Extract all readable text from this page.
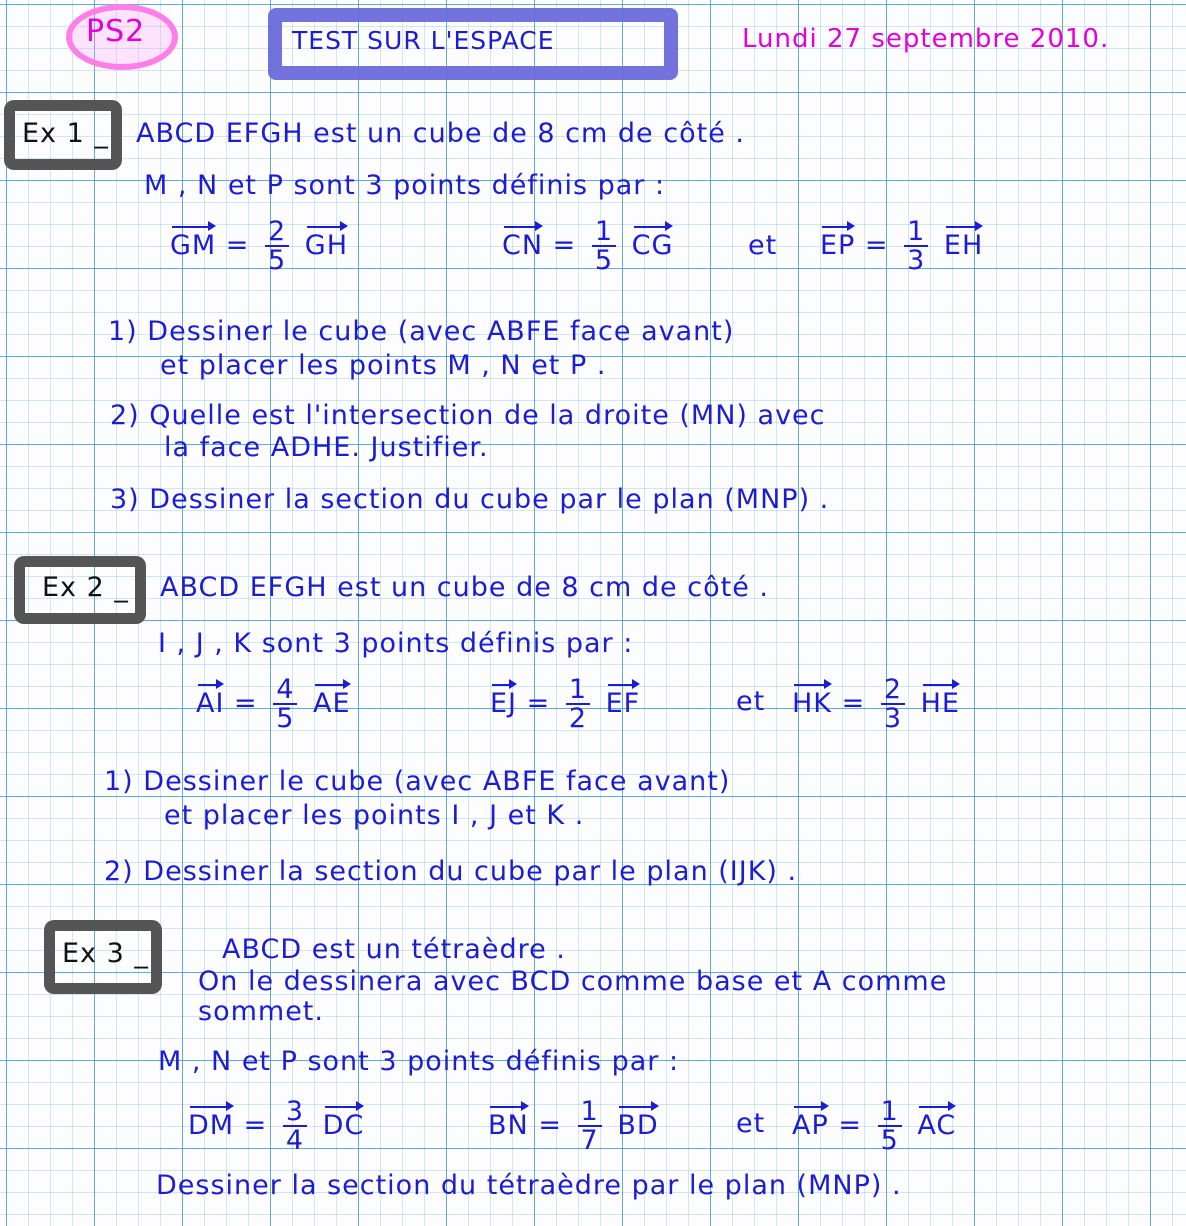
PS2	TEST SUR L'ESPACE	Lundi 27 septembre 2010.
Ex 1 _ ABCD EFGH est un cube de 8 cm de côté .
M , N et P sont 3 points définis par :
GM = $\frac{2}{5}$ GH	CN = $\frac{1}{5}$ CG	et EP = $\frac{1}{3}$ EH
1) Dessiner le cube (avec ABFE face avant)
et placer les points M , N et P .
2) Quelle est l'intersection de la droite (MN) avec
la face ADHE. Justifier.
3) Dessiner la section du cube par le plan (MNP) .
Ex 2 _ ABCD EFGH est un cube de 8 cm de côté .
I , J , K sont 3 points définis par :
AI = $\frac{4}{5}$ AE	EJ = $\frac{1}{2}$ EF	et HK = $\frac{2}{3}$ HE
1) Dessiner le cube (avec ABFE face avant)
et placer les points I , J et K .
2) Dessiner la section du cube par le plan (IJK) .
Ex 3 _	ABCD est un tétraèdre .
On le dessinera avec BCD comme base et A comme
sommet.
M , N et P sont 3 points définis par :
DM = $\frac{3}{4}$ DC	BN = $\frac{1}{7}$ BD	et AP = $\frac{1}{5}$ AC
Dessiner la section du tétraèdre par le plan (MNP) .
